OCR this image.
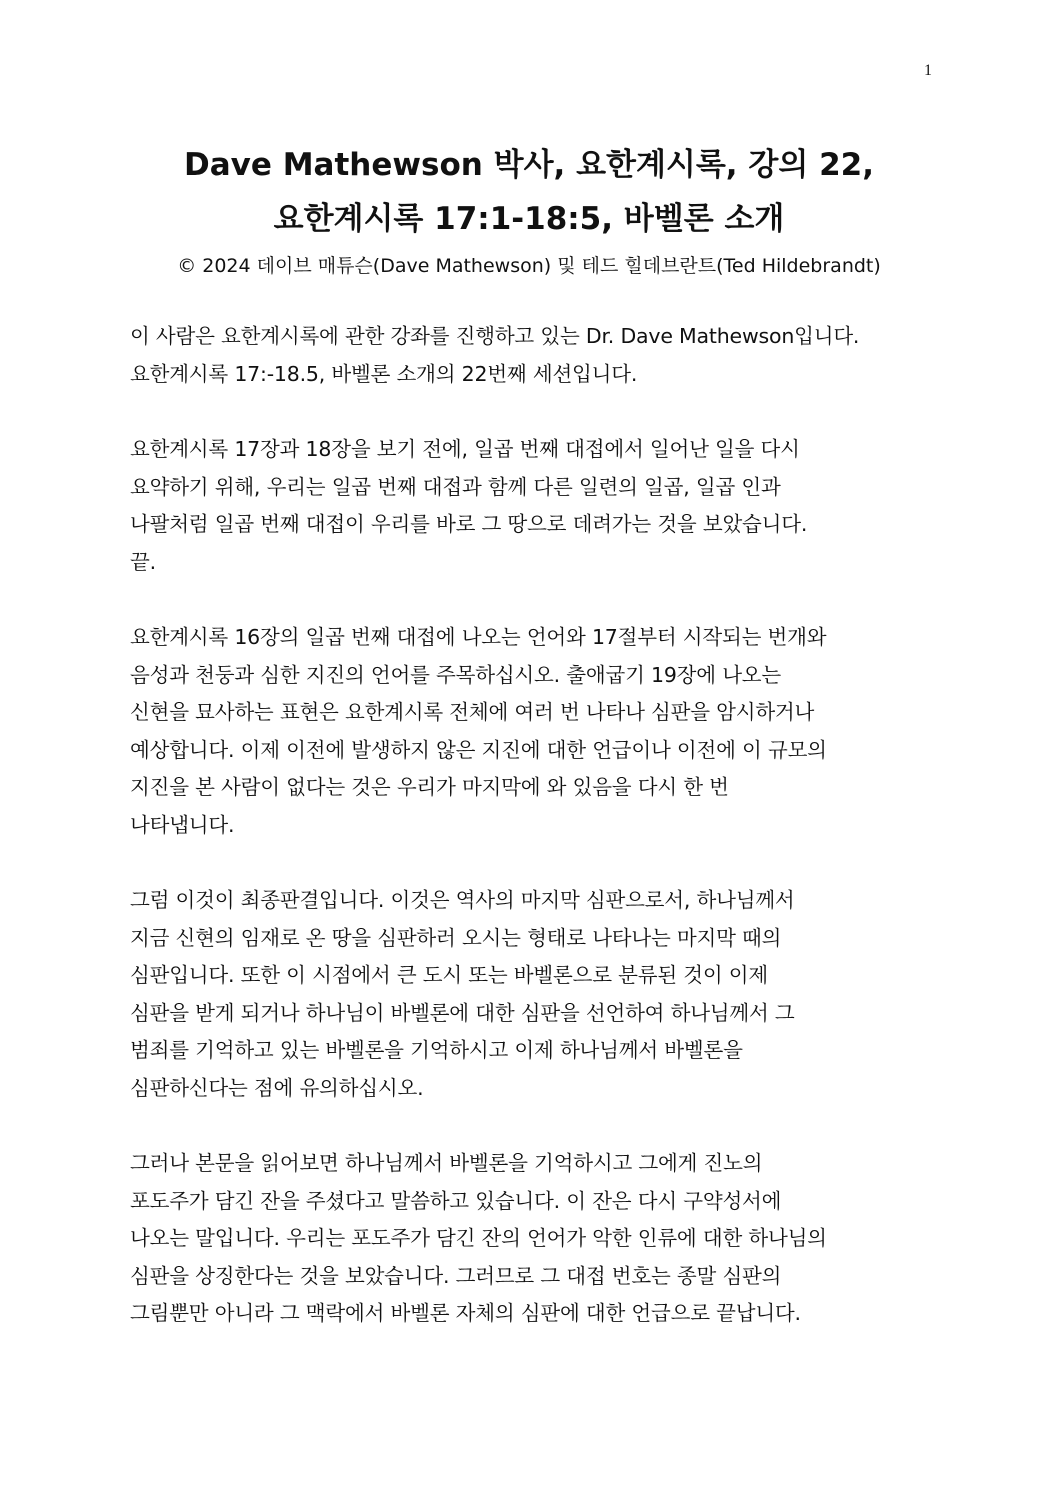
1
Dave Mathewson 박사, 요한계시록, 강의 22,
요한계시록 17:1-18:5, 바벨론 소개
© 2024 데이브 매튜슨(Dave Mathewson) 및 테드 힐데브란트(Ted Hildebrandt)
이 사람은 요한계시록에 관한 강좌를 진행하고 있는 Dr. Dave Mathewson입니다.
요한계시록 17:-18.5, 바벨론 소개의 22번째 세션입니다.
요한계시록 17장과 18장을 보기 전에, 일곱 번째 대접에서 일어난 일을 다시
요약하기 위해, 우리는 일곱 번째 대접과 함께 다른 일련의 일곱, 일곱 인과
나팔처럼 일곱 번째 대접이 우리를 바로 그 땅으로 데려가는 것을 보았습니다.
끝.
요한계시록 16장의 일곱 번째 대접에 나오는 언어와 17절부터 시작되는 번개와
음성과 천둥과 심한 지진의 언어를 주목하십시오. 출애굽기 19장에 나오는
신현을 묘사하는 표현은 요한계시록 전체에 여러 번 나타나 심판을 암시하거나
예상합니다. 이제 이전에 발생하지 않은 지진에 대한 언급이나 이전에 이 규모의
지진을 본 사람이 없다는 것은 우리가 마지막에 와 있음을 다시 한 번
나타냅니다.
그럼 이것이 최종판결입니다. 이것은 역사의 마지막 심판으로서, 하나님께서
지금 신현의 임재로 온 땅을 심판하러 오시는 형태로 나타나는 마지막 때의
심판입니다. 또한 이 시점에서 큰 도시 또는 바벨론으로 분류된 것이 이제
심판을 받게 되거나 하나님이 바벨론에 대한 심판을 선언하여 하나님께서 그
범죄를 기억하고 있는 바벨론을 기억하시고 이제 하나님께서 바벨론을
심판하신다는 점에 유의하십시오.
그러나 본문을 읽어보면 하나님께서 바벨론을 기억하시고 그에게 진노의
포도주가 담긴 잔을 주셨다고 말씀하고 있습니다. 이 잔은 다시 구약성서에
나오는 말입니다. 우리는 포도주가 담긴 잔의 언어가 악한 인류에 대한 하나님의
심판을 상징한다는 것을 보았습니다. 그러므로 그 대접 번호는 종말 심판의
그림뿐만 아니라 그 맥락에서 바벨론 자체의 심판에 대한 언급으로 끝납니다.
